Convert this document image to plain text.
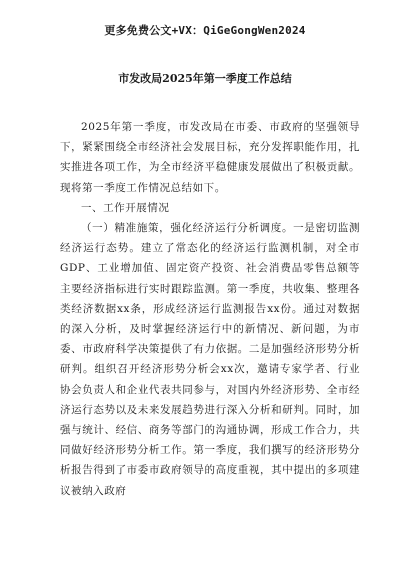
更多免费公文+VX：QiGeGongWen2024
市发改局2025年第一季度工作总结

2025年第一季度，市发改局在市委、市政府的坚强领导下，紧紧围绕全市经济社会发展目标，充分发挥职能作用，扎实推进各项工作，为全市经济平稳健康发展做出了积极贡献。现将第一季度工作情况总结如下。

一、工作开展情况

（一）精准施策，强化经济运行分析调度。一是密切监测经济运行态势。建立了常态化的经济运行监测机制，对全市GDP、工业增加值、固定资产投资、社会消费品零售总额等主要经济指标进行实时跟踪监测。第一季度，共收集、整理各类经济数据xx条，形成经济运行监测报告xx份。通过对数据的深入分析，及时掌握经济运行中的新情况、新问题，为市委、市政府科学决策提供了有力依据。二是加强经济形势分析研判。组织召开经济形势分析会xx次，邀请专家学者、行业协会负责人和企业代表共同参与，对国内外经济形势、全市经济运行态势以及未来发展趋势进行深入分析和研判。同时，加强与统计、经信、商务等部门的沟通协调，形成工作合力，共同做好经济形势分析工作。第一季度，我们撰写的经济形势分析报告得到了市委市政府领导的高度重视，其中提出的多项建议被纳入政府
